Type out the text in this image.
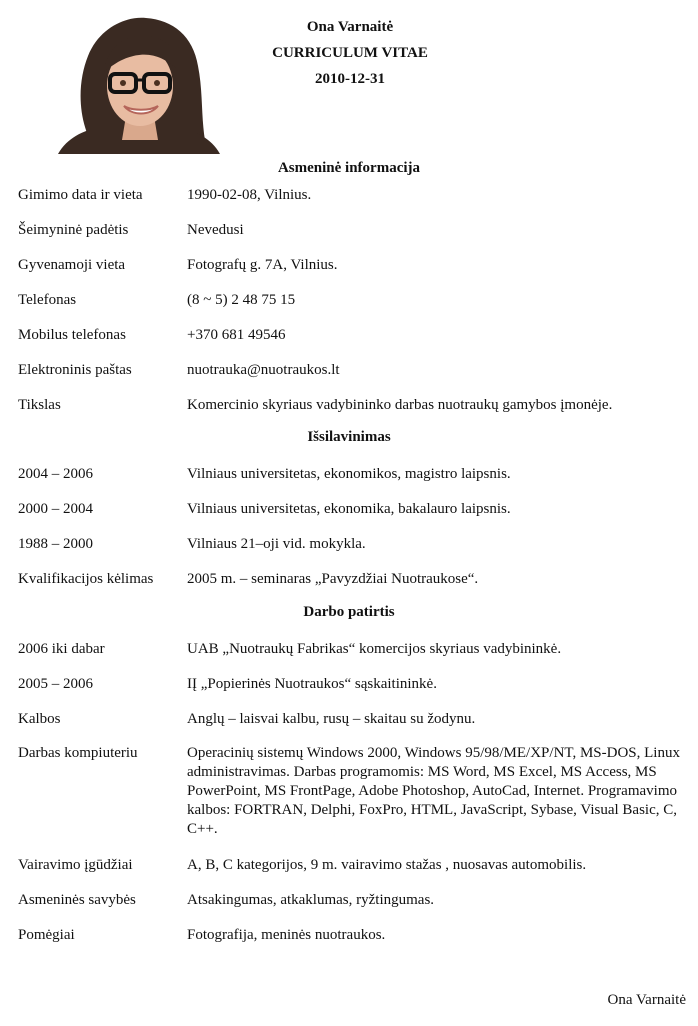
Ona Varnaitė
CURRICULUM VITAE
2010-12-31
Asmeninė informacija
Gimimo data ir vieta	1990-02-08, Vilnius.
Šeimyninė padėtis	Nevedusi
Gyvenamoji vieta	Fotografų g. 7A, Vilnius.
Telefonas	(8 ~ 5) 2 48 75 15
Mobilus telefonas	+370 681 49546
Elektroninis paštas	nuotrauka@nuotraukos.lt
Tikslas	Komercinio skyriaus vadybininko darbas nuotraukų gamybos įmonėje.
Išsilavinimas
2004 – 2006	Vilniaus universitetas, ekonomikos, magistro laipsnis.
2000 – 2004	Vilniaus universitetas, ekonomika, bakalauro laipsnis.
1988 – 2000	Vilniaus 21–oji vid. mokykla.
Kvalifikacijos kėlimas	2005 m. – seminaras „Pavyzdžiai Nuotraukose“.
Darbo patirtis
2006 iki dabar	UAB „Nuotraukų Fabrikas“ komercijos skyriaus vadybininkė.
2005 – 2006	IĮ „Popierinės Nuotraukos“ sąskaitininkė.
Kalbos	Anglų – laisvai kalbu, rusų – skaitau su žodynu.
Darbas kompiuteriu	Operacinių sistemų Windows 2000, Windows 95/98/ME/XP/NT, MS-DOS, Linux administravimas. Darbas programomis: MS Word, MS Excel, MS Access, MS PowerPoint, MS FrontPage, Adobe Photoshop, AutoCad, Internet. Programavimo kalbos: FORTRAN, Delphi, FoxPro, HTML, JavaScript, Sybase, Visual Basic, C, C++.
Vairavimo įgūdžiai	A, B, C kategorijos, 9 m. vairavimo stažas , nuosavas automobilis.
Asmeninės savybės	Atsakingumas, atkaklumas, ryžtingumas.
Pomėgiai	Fotografija, meninės nuotraukos.
Ona Varnaitė
